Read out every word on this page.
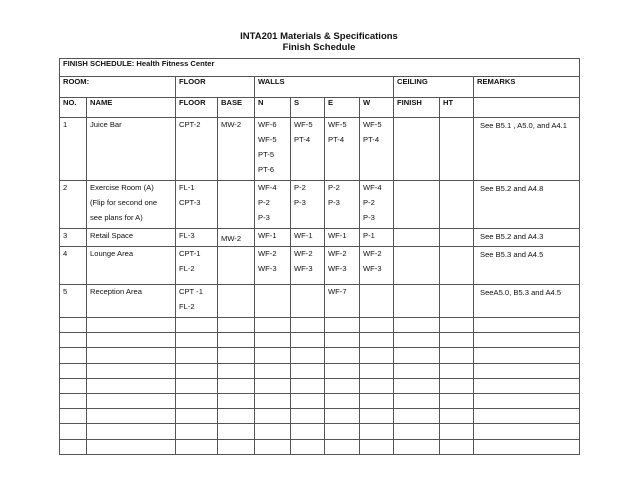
INTA201 Materials & Specifications
Finish Schedule
FINISH SCHEDULE: Health Fitness Center										
ROOM:		FLOOR		WALLS				CEILING		REMARKS
NO.	NAME	FLOOR	BASE	N	S	E	W	FINISH	HT	

1	Juice Bar	CPT-2	MW-2	WF-6
WF-5
PT-5
PT-6	WF-5
PT-4	WF-5
PT-4	WF-5
PT-4			See B5.1 , A5.0, and A4.1

2	Exercise Room (A)
(Flip for second one
see plans for A)	FL-1
CPT-3		WF-4
P-2
P-3	P-2
P-3	P-2
P-3	WF-4
P-2
P-3			See B5.2 and A4.8

3	Retail Space	FL-3	MW-2	WF-1	WF-1	WF-1	P-1			See B5.2 and A4.3

4	Lounge Area	CPT-1
FL-2		WF-2
WF-3	WF-2
WF-3	WF-2
WF-3	WF-2
WF-3			See B5.3 and A4.5

5	Reception Area	CPT -1
FL-2				WF-7				SeeA5.0, B5.3 and A4.5
